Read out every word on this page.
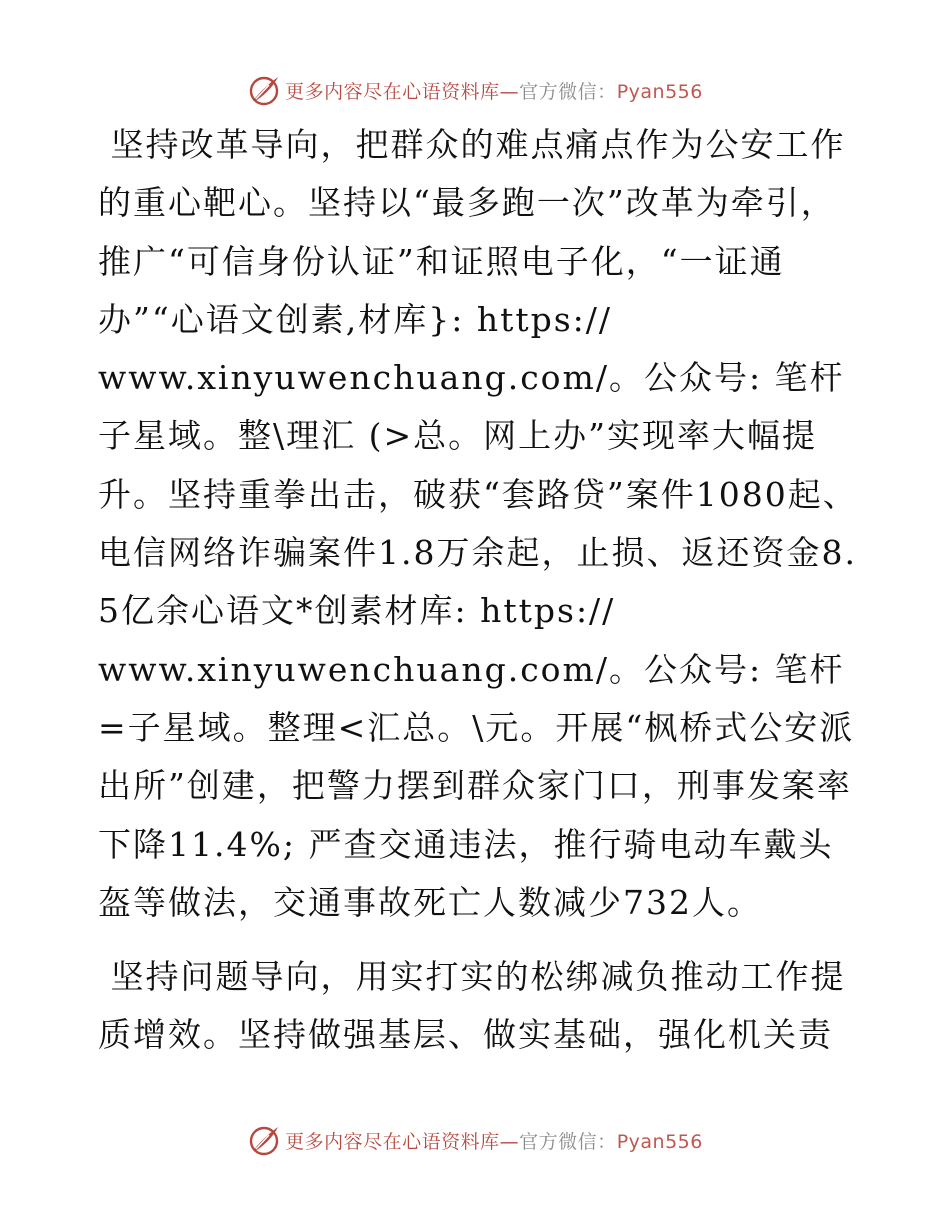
更多内容尽在心语资料库—官方微信：Pyan556

坚持改革导向，把群众的难点痛点作为公安工作的重心靶心。坚持以“最多跑一次”改革为牵引，推广“可信身份认证”和证照电子化，“一证通办”“心语文创素,材库}: https://
www.xinyuwenchuang.com/。公众号: 笔杆子星域。整\理汇 (>总。网上办”实现率大幅提升。坚持重拳出击，破获“套路贷”案件1080起、电信网络诈骗案件1.8万余起，止损、返还资金8.5亿余心语文*创素材库: https://
www.xinyuwenchuang.com/。公众号: 笔杆=子星域。整理<汇总。\元。开展“枫桥式公安派出所”创建，把警力摆到群众家门口，刑事发案率下降11.4%; 严查交通违法，推行骑电动车戴头盔等做法，交通事故死亡人数减少732人。

坚持问题导向，用实打实的松绑减负推动工作提质增效。坚持做强基层、做实基础，强化机关责

更多内容尽在心语资料库—官方微信：Pyan556
